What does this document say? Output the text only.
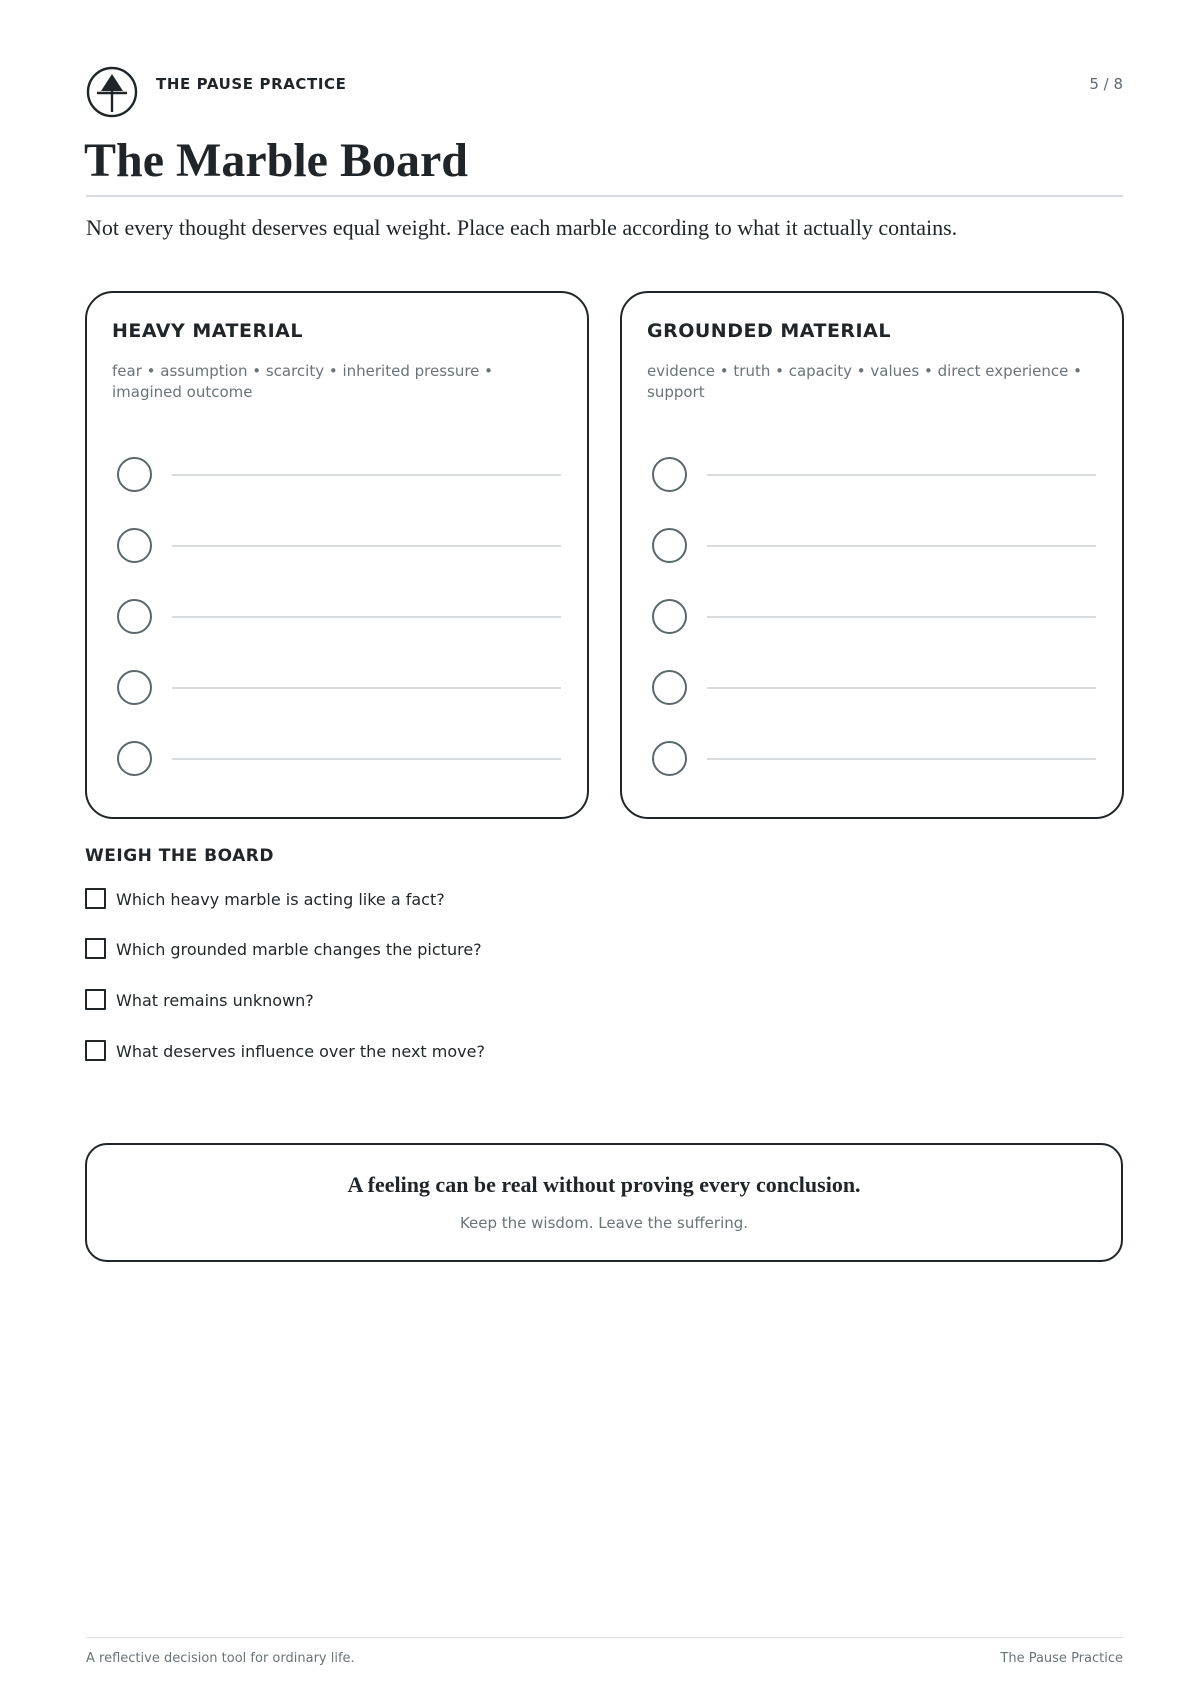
THE PAUSE PRACTICE	5 / 8
The Marble Board

Not every thought deserves equal weight. Place each marble according to what it actually contains.

HEAVY MATERIAL
fear • assumption • scarcity • inherited pressure • imagined outcome
GROUNDED MATERIAL
evidence • truth • capacity • values • direct experience • support
WEIGH THE BOARD
Which heavy marble is acting like a fact?
Which grounded marble changes the picture?
What remains unknown?
What deserves influence over the next move?
A feeling can be real without proving every conclusion.
Keep the wisdom. Leave the suffering.
A reflective decision tool for ordinary life.	The Pause Practice
